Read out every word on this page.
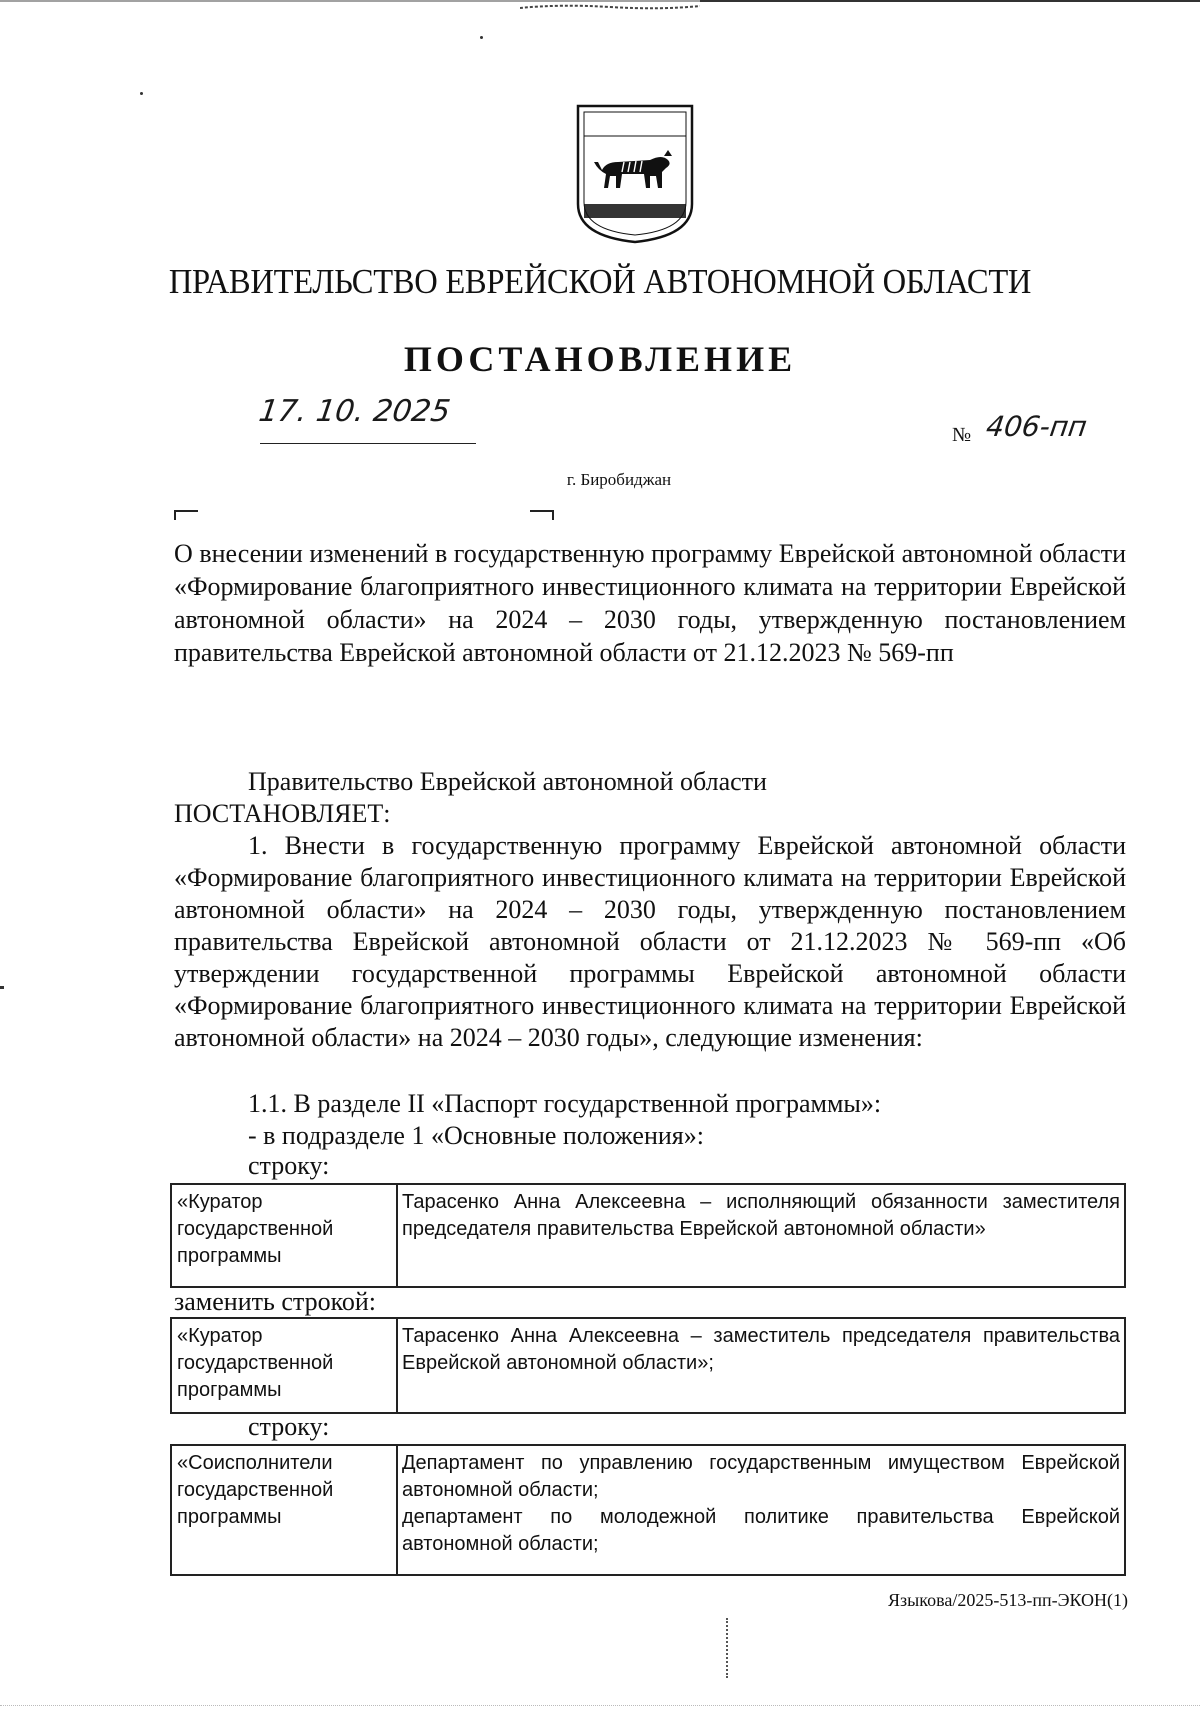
ПРАВИТЕЛЬСТВО ЕВРЕЙСКОЙ АВТОНОМНОЙ ОБЛАСТИ
ПОСТАНОВЛЕНИЕ
17. 10. 2025
№ 406-пп
г. Биробиджан
О внесении изменений в государственную программу Еврейской автономной области «Формирование благоприятного инвестиционного климата на территории Еврейской автономной области» на 2024 – 2030 годы, утвержденную постановлением правительства Еврейской автономной области от 21.12.2023 № 569-пп
Правительство Еврейской автономной области
ПОСТАНОВЛЯЕТ:
1. Внести в государственную программу Еврейской автономной области «Формирование благоприятного инвестиционного климата на территории Еврейской автономной области» на 2024 – 2030 годы, утвержденную постановлением правительства Еврейской автономной области от 21.12.2023 № 569-пп «Об утверждении государственной программы Еврейской автономной области «Формирование благоприятного инвестиционного климата на территории Еврейской автономной области» на 2024 – 2030 годы», следующие изменения:
1.1. В разделе II «Паспорт государственной программы»:
- в подразделе 1 «Основные положения»:
строку:
«Куратор государственной программы
Тарасенко Анна Алексеевна – исполняющий обязанности заместителя председателя правительства Еврейской автономной области»
заменить строкой:
«Куратор государственной программы
Тарасенко Анна Алексеевна – заместитель председателя правительства Еврейской автономной области»;
строку:
«Соисполнители государственной программы

Департамент по управлению государственным имуществом Еврейской автономной области;

департамент по молодежной политике правительства Еврейской автономной области;

Языкова/2025-513-пп-ЭКОН(1)
